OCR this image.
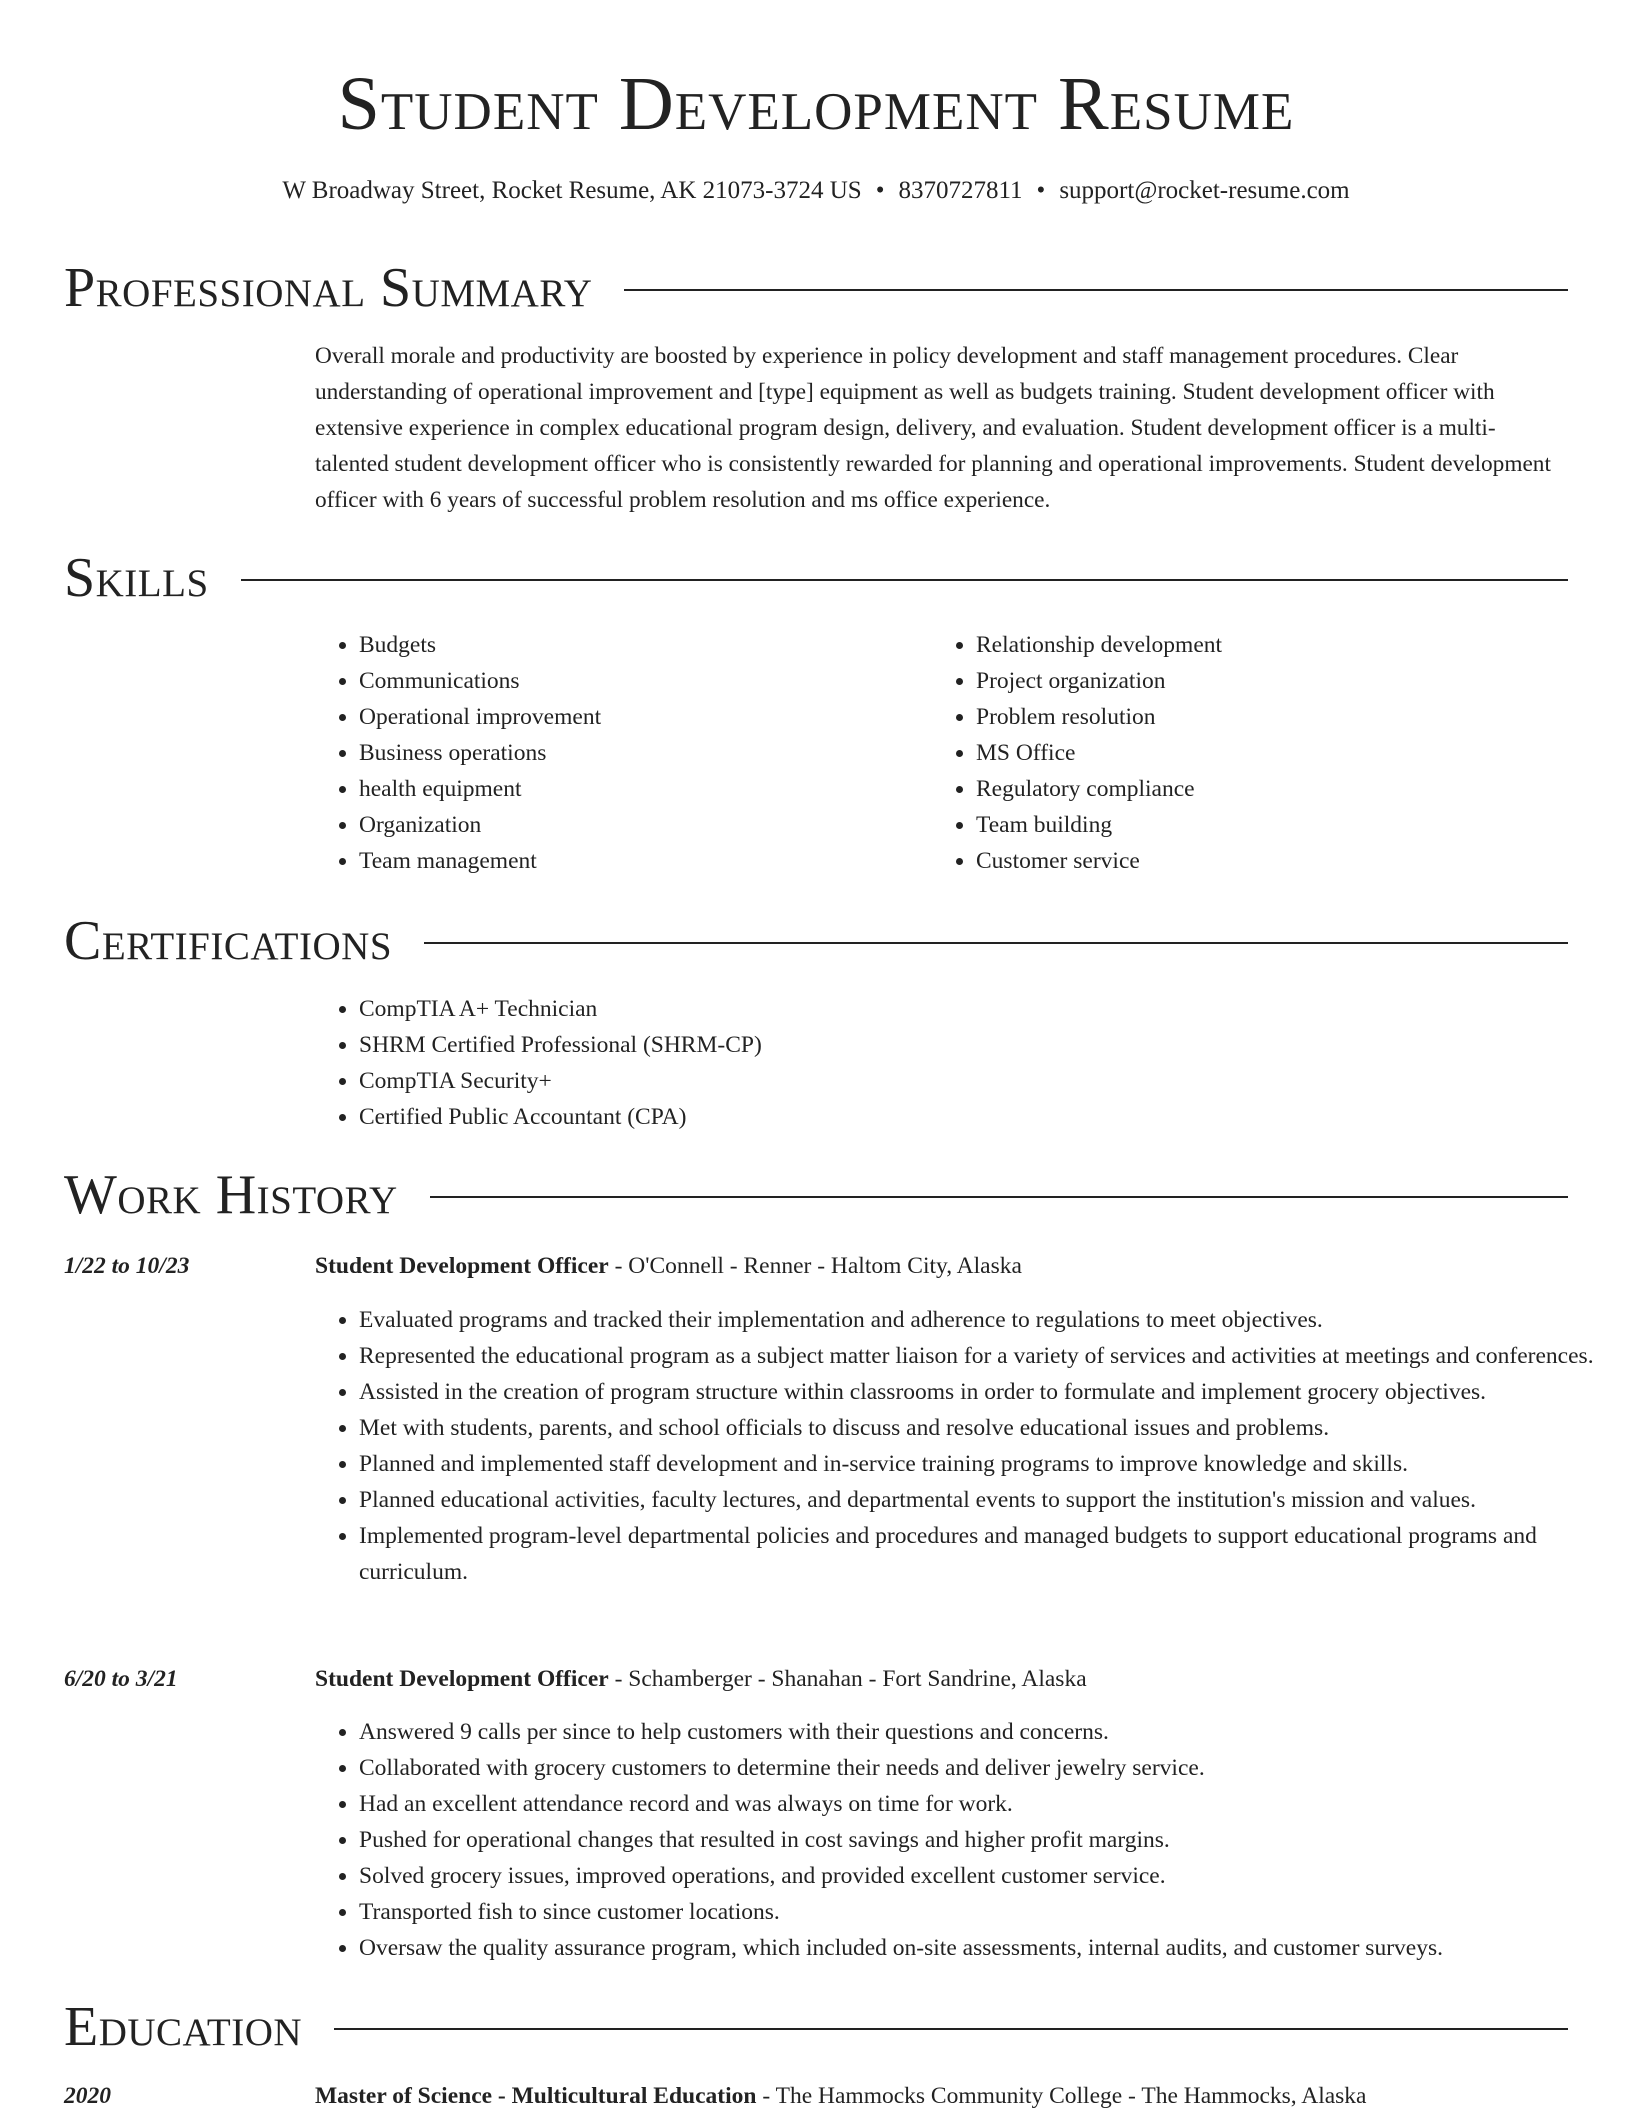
Student Development Resume
W Broadway Street, Rocket Resume, AK 21073-3724 US • 8370727811 • support@rocket-resume.com
Professional Summary

Overall morale and productivity are boosted by experience in policy development and staff management procedures. Clear understanding of operational improvement and [type] equipment as well as budgets training. Student development officer with extensive experience in complex educational program design, delivery, and evaluation. Student development officer is a multi-talented student development officer who is consistently rewarded for planning and operational improvements. Student development officer with 6 years of successful problem resolution and ms office experience.

Skills
• Budgets
• Communications
• Operational improvement
• Business operations
• health equipment
• Organization
• Team management
• Relationship development
• Project organization
• Problem resolution
• MS Office
• Regulatory compliance
• Team building
• Customer service
Certifications
• CompTIA A+ Technician
• SHRM Certified Professional (SHRM-CP)
• CompTIA Security+
• Certified Public Accountant (CPA)
Work History
1/22 to 10/23	Student Development Officer - O'Connell - Renner - Haltom City, Alaska
• Evaluated programs and tracked their implementation and adherence to regulations to meet objectives.
• Represented the educational program as a subject matter liaison for a variety of services and activities at meetings and conferences.
• Assisted in the creation of program structure within classrooms in order to formulate and implement grocery objectives.
• Met with students, parents, and school officials to discuss and resolve educational issues and problems.
• Planned and implemented staff development and in-service training programs to improve knowledge and skills.
• Planned educational activities, faculty lectures, and departmental events to support the institution's mission and values.
• Implemented program-level departmental policies and procedures and managed budgets to support educational programs and curriculum.
6/20 to 3/21	Student Development Officer - Schamberger - Shanahan - Fort Sandrine, Alaska
• Answered 9 calls per since to help customers with their questions and concerns.
• Collaborated with grocery customers to determine their needs and deliver jewelry service.
• Had an excellent attendance record and was always on time for work.
• Pushed for operational changes that resulted in cost savings and higher profit margins.
• Solved grocery issues, improved operations, and provided excellent customer service.
• Transported fish to since customer locations.
• Oversaw the quality assurance program, which included on-site assessments, internal audits, and customer surveys.
Education
2020	Master of Science - Multicultural Education - The Hammocks Community College - The Hammocks, Alaska
